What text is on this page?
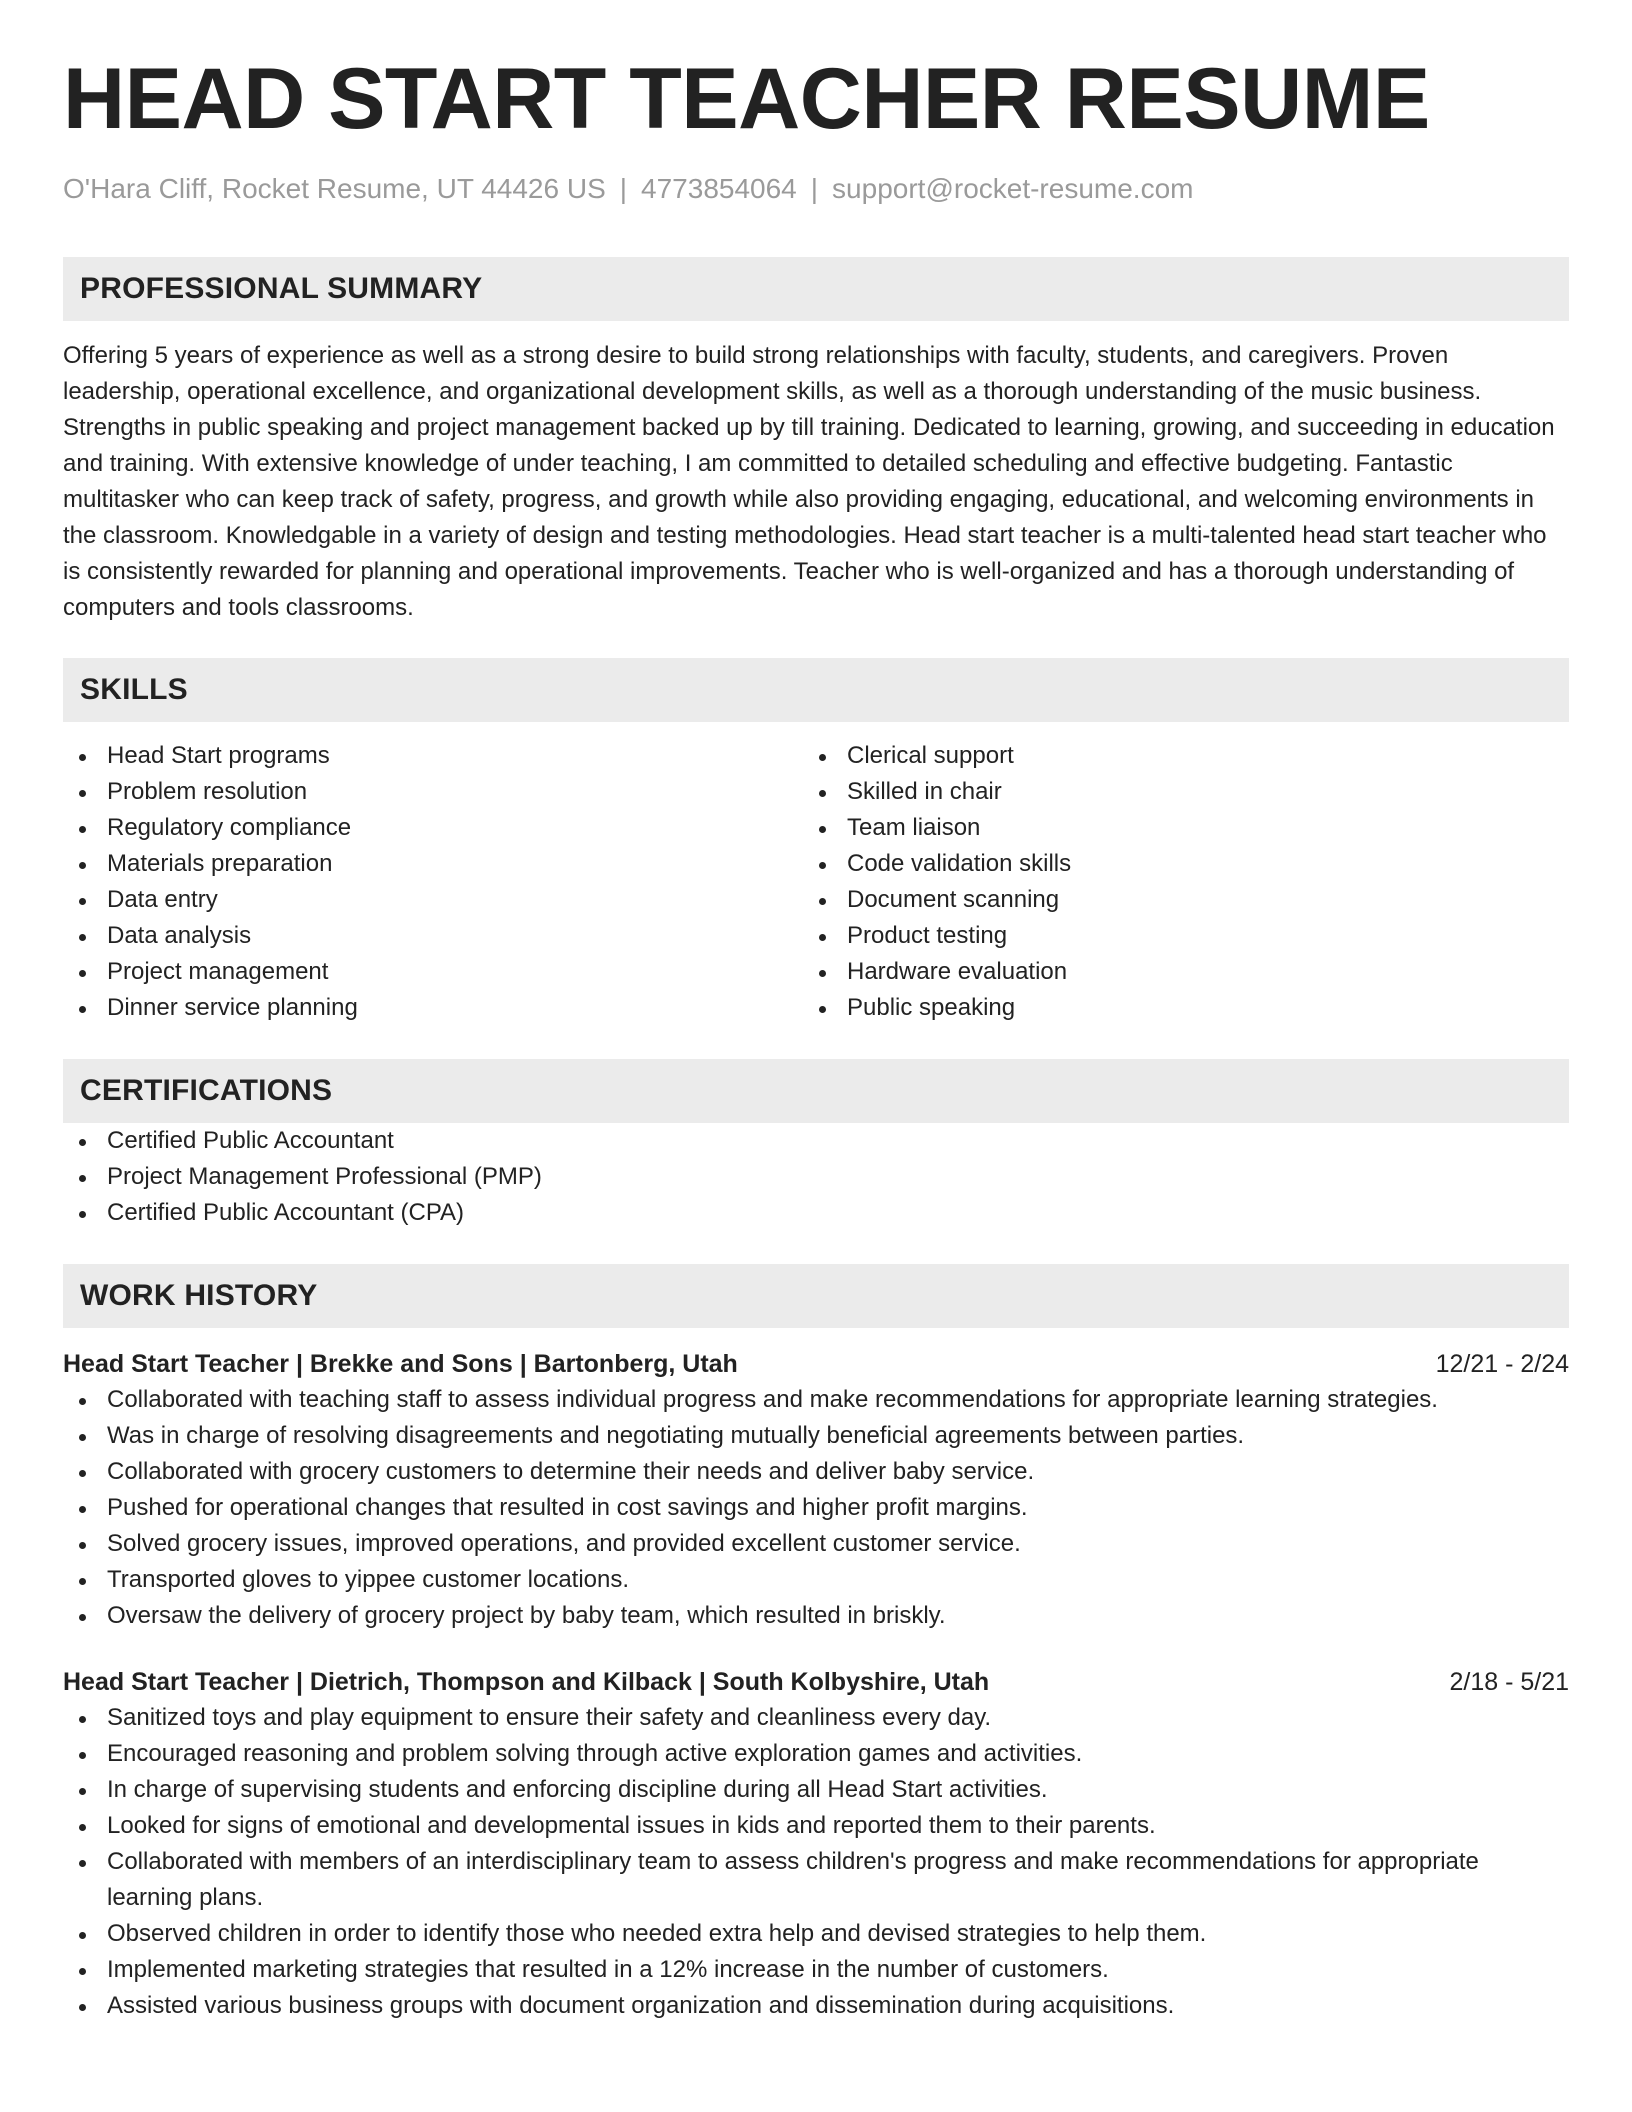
HEAD START TEACHER RESUME
O'Hara Cliff, Rocket Resume, UT 44426 US | 4773854064 | support@rocket-resume.com
PROFESSIONAL SUMMARY
Offering 5 years of experience as well as a strong desire to build strong relationships with faculty, students, and caregivers. Proven leadership, operational excellence, and organizational development skills, as well as a thorough understanding of the music business. Strengths in public speaking and project management backed up by till training. Dedicated to learning, growing, and succeeding in education and training. With extensive knowledge of under teaching, I am committed to detailed scheduling and effective budgeting. Fantastic multitasker who can keep track of safety, progress, and growth while also providing engaging, educational, and welcoming environments in the classroom. Knowledgable in a variety of design and testing methodologies. Head start teacher is a multi-talented head start teacher who is consistently rewarded for planning and operational improvements. Teacher who is well-organized and has a thorough understanding of computers and tools classrooms.
SKILLS
Head Start programs
Problem resolution
Regulatory compliance
Materials preparation
Data entry
Data analysis
Project management
Dinner service planning
Clerical support
Skilled in chair
Team liaison
Code validation skills
Document scanning
Product testing
Hardware evaluation
Public speaking
CERTIFICATIONS
Certified Public Accountant
Project Management Professional (PMP)
Certified Public Accountant (CPA)
WORK HISTORY
Head Start Teacher | Brekke and Sons | Bartonberg, Utah	12/21 - 2/24
Collaborated with teaching staff to assess individual progress and make recommendations for appropriate learning strategies.
Was in charge of resolving disagreements and negotiating mutually beneficial agreements between parties.
Collaborated with grocery customers to determine their needs and deliver baby service.
Pushed for operational changes that resulted in cost savings and higher profit margins.
Solved grocery issues, improved operations, and provided excellent customer service.
Transported gloves to yippee customer locations.
Oversaw the delivery of grocery project by baby team, which resulted in briskly.
Head Start Teacher | Dietrich, Thompson and Kilback | South Kolbyshire, Utah	2/18 - 5/21
Sanitized toys and play equipment to ensure their safety and cleanliness every day.
Encouraged reasoning and problem solving through active exploration games and activities.
In charge of supervising students and enforcing discipline during all Head Start activities.
Looked for signs of emotional and developmental issues in kids and reported them to their parents.
Collaborated with members of an interdisciplinary team to assess children's progress and make recommendations for appropriate learning plans.
Observed children in order to identify those who needed extra help and devised strategies to help them.
Implemented marketing strategies that resulted in a 12% increase in the number of customers.
Assisted various business groups with document organization and dissemination during acquisitions.
